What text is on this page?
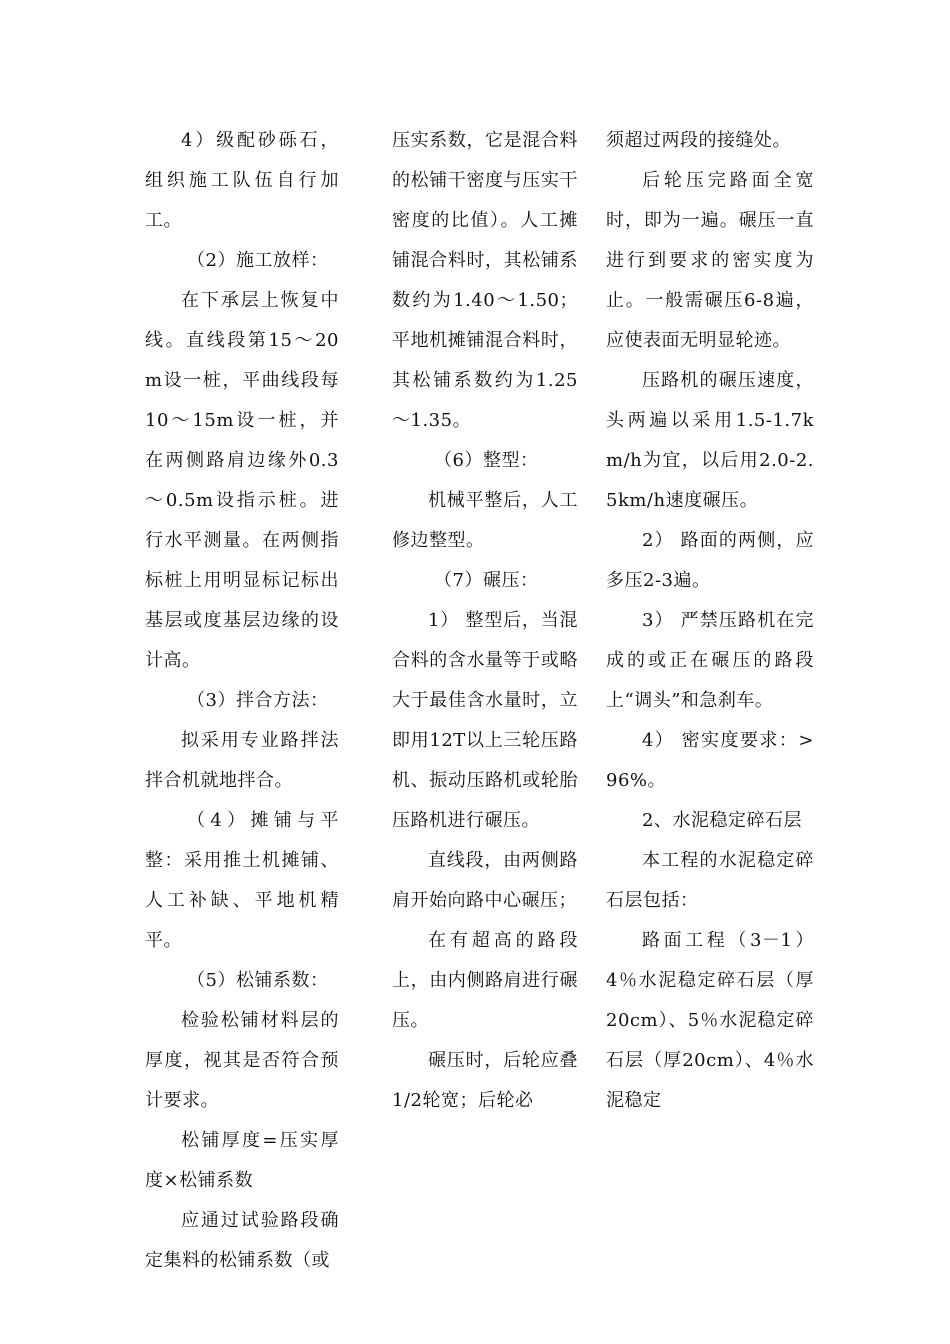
4）级配砂砾石，组织施工队伍自行加工。

（2）施工放样：

在下承层上恢复中线。直线段第15～20m设一桩，平曲线段每10～15m设一桩，并在两侧路肩边缘外0.3～0.5m设指示桩。进行水平测量。在两侧指标桩上用明显标记标出基层或度基层边缘的设计高。

（3）拌合方法：

拟采用专业路拌法拌合机就地拌合。

（4）摊铺与平整：采用推土机摊铺、人工补缺、平地机精平。

（5）松铺系数：

检验松铺材料层的厚度，视其是否符合预计要求。

松铺厚度=压实厚度×松铺系数

应通过试验路段确定集料的松铺系数（或

压实系数，它是混合料的松铺干密度与压实干密度的比值）。人工摊铺混合料时，其松铺系数约为1.40～1.50；平地机摊铺混合料时，其松铺系数约为1.25～1.35。

（6）整型：

机械平整后，人工修边整型。

（7）碾压：

1） 整型后，当混合料的含水量等于或略大于最佳含水量时，立即用12T以上三轮压路机、振动压路机或轮胎压路机进行碾压。

直线段，由两侧路肩开始向路中心碾压；

在有超高的路段上，由内侧路肩进行碾压。

碾压时，后轮应叠1/2轮宽；后轮必

须超过两段的接缝处。

后轮压完路面全宽时，即为一遍。碾压一直进行到要求的密实度为止。一般需碾压6-8遍，应使表面无明显轮迹。

压路机的碾压速度，头两遍以采用1.5-1.7km/h为宜，以后用2.0-2.5km/h速度碾压。

2） 路面的两侧，应多压2-3遍。

3） 严禁压路机在完成的或正在碾压的路段上“调头”和急刹车。

4） 密实度要求：>96%。

2、水泥稳定碎石层

本工程的水泥稳定碎石层包括：

路面工程（3－1）4％水泥稳定碎石层（厚20cm）、5％水泥稳定碎石层（厚20cm）、4％水泥稳定
